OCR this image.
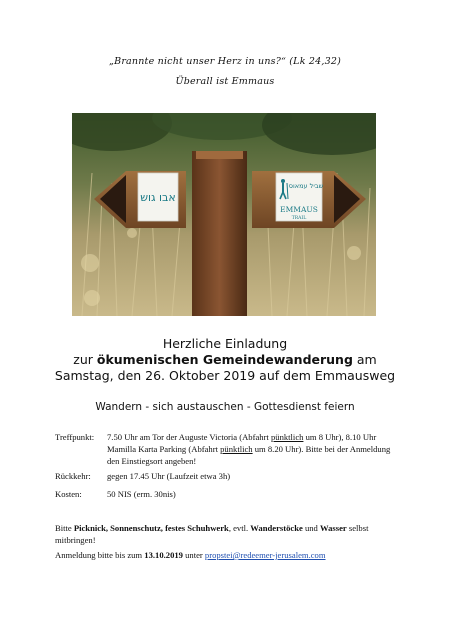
„Brannte nicht unser Herz in uns?“ (Lk 24,32)
Überall ist Emmaus
אבו גוש
שביל עמאוס
EMMAUS
TRAIL
Herzliche Einladung
zur ökumenischen Gemeindewanderung am
Samstag, den 26. Oktober 2019 auf dem Emmausweg
Wandern - sich austauschen - Gottesdienst feiern
Treffpunkt: 7.50 Uhr am Tor der Auguste Victoria (Abfahrt pünktlich um 8 Uhr), 8.10 Uhr Mamilla Karta Parking (Abfahrt pünktlich um 8.20 Uhr). Bitte bei der Anmeldung den Einstiegsort angeben!
Rückkehr: gegen 17.45 Uhr (Laufzeit etwa 3h)
Kosten:	50 NIS (erm. 30nis)
Bitte Picknick, Sonnenschutz, festes Schuhwerk, evtl. Wanderstöcke und Wasser selbst mitbringen!
Anmeldung bitte bis zum 13.10.2019 unter propstei@redeemer-jerusalem.com
